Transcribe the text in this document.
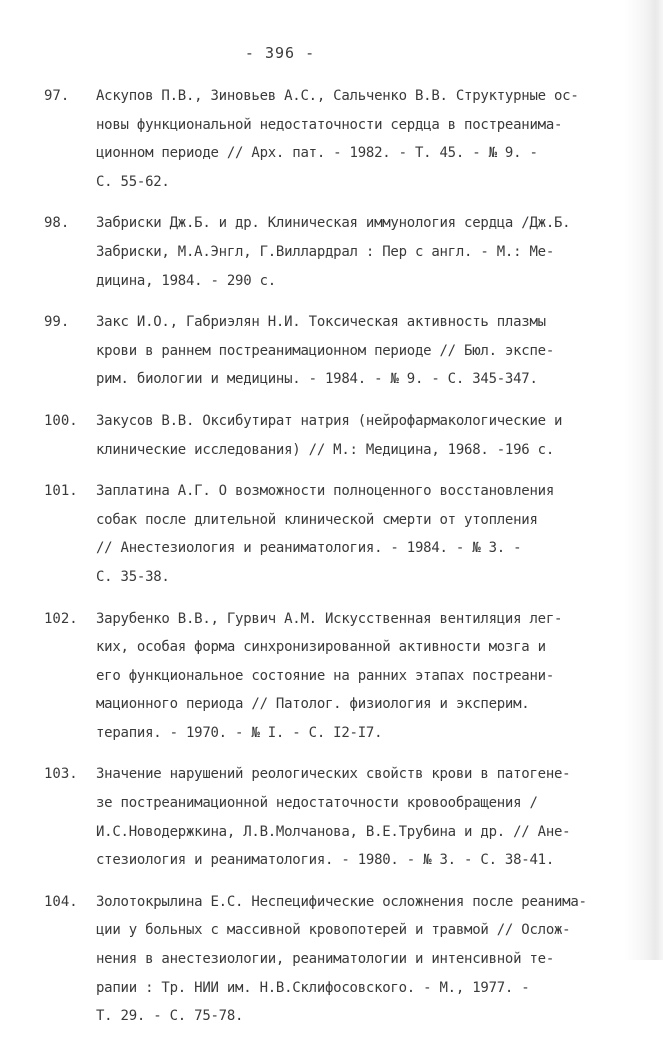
- 396 -
97.	Аскупов П.В., Зиновьев А.С., Сальченко В.В. Структурные ос-
новы функциональной недостаточности сердца в постреанима-
ционном периоде // Арх. пат. - 1982. - Т. 45. - № 9. -
С. 55-62.
98.	Забриски Дж.Б. и др. Клиническая иммунология сердца /Дж.Б.
Забриски, М.А.Энгл, Г.Виллардрал : Пер с англ. - М.: Ме-
дицина, 1984. - 290 с.
99.	Закс И.О., Габриэлян Н.И. Токсическая активность плазмы
крови в раннем постреанимационном периоде // Бюл. экспе-
рим. биологии и медицины. - 1984. - № 9. - С. 345-347.
100.	Закусов В.В. Оксибутират натрия (нейрофармакологические и
клинические исследования) // М.: Медицина, 1968. -196 с.
101.	Заплатина А.Г. О возможности полноценного восстановления
собак после длительной клинической смерти от утопления
// Анестезиология и реаниматология. - 1984. - № 3. -
С. 35-38.
102.	Зарубенко В.В., Гурвич А.М. Искусственная вентиляция лег-
ких, особая форма синхронизированной активности мозга и
его функциональное состояние на ранних этапах постреани-
мационного периода // Патолог. физиология и эксперим.
терапия. - 1970. - № I. - С. I2-I7.
103.	Значение нарушений реологических свойств крови в патогене-
зе постреанимационной недостаточности кровообращения /
И.С.Новодержкина, Л.В.Молчанова, В.Е.Трубина и др. // Ане-
стезиология и реаниматология. - 1980. - № 3. - С. 38-41.
104.	Золотокрылина Е.С. Неспецифические осложнения после реанима-
ции у больных с массивной кровопотерей и травмой // Ослож-
нения в анестезиологии, реаниматологии и интенсивной те-
рапии : Тр. НИИ им. Н.В.Склифосовского. - М., 1977. -
Т. 29. - С. 75-78.
